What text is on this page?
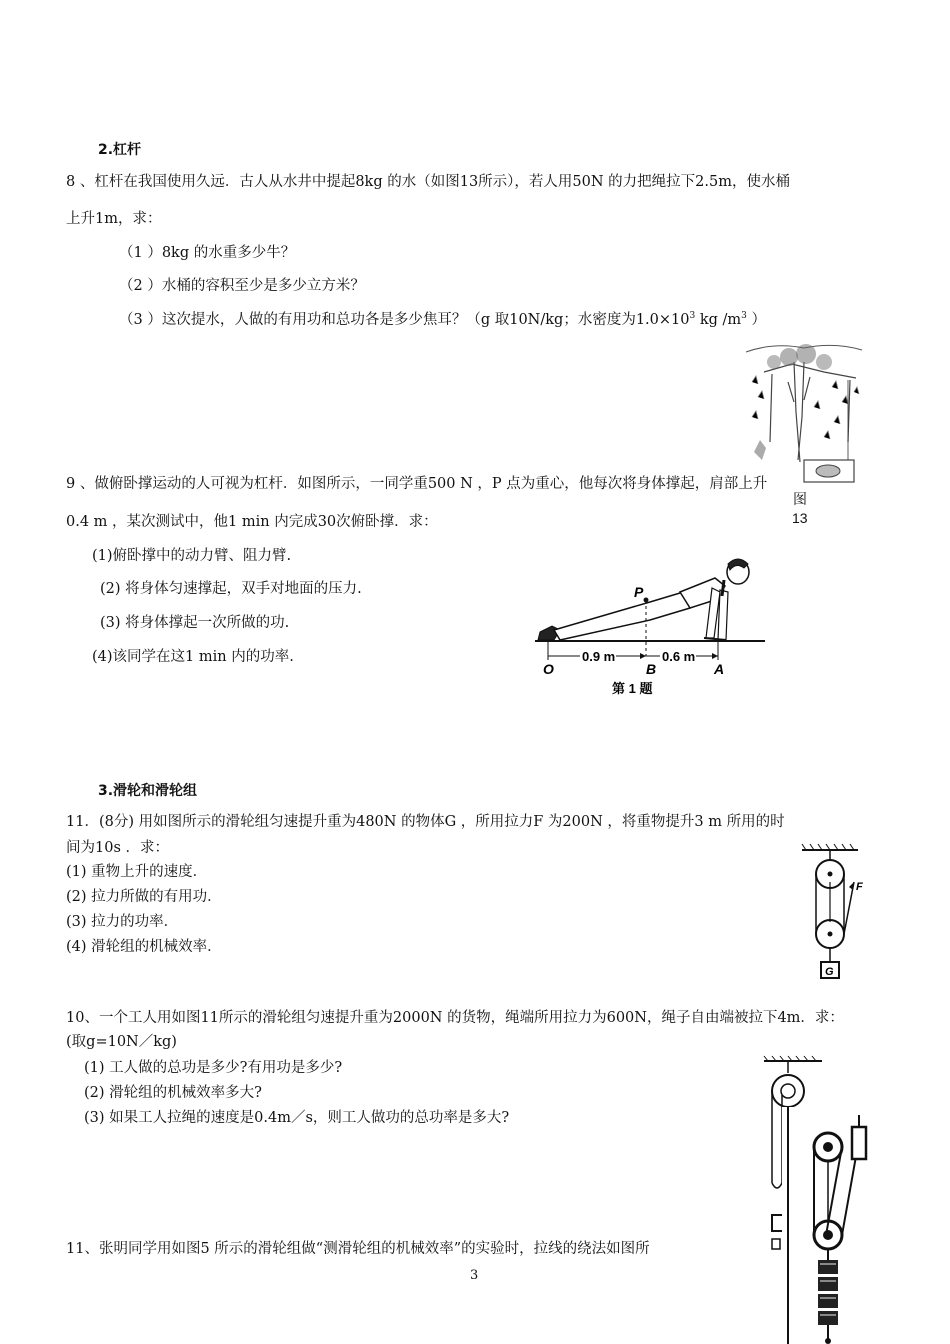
2.杠杆
8 、杠杆在我国使用久远．古人从水井中提起8kg 的水（如图13所示），若人用50N 的力把绳拉下2.5m，使水桶
上升1m，求：
（1 ）8kg 的水重多少牛？
（2 ）水桶的容积至少是多少立方米？
（3 ）这次提水，人做的有用功和总功各是多少焦耳？（g 取10N/kg；水密度为$1.0\times 10^3$ kg $/m^3$ ）
图
13
9 、做俯卧撑运动的人可视为杠杆．如图所示，一同学重500 N ，P 点为重心，他每次将身体撑起，肩部上升
0.4 m ，某次测试中，他1 min 内完成30次俯卧撑．求：
(1)俯卧撑中的动力臂、阻力臂.
(2) 将身体匀速撑起，双手对地面的压力.
(3) 将身体撑起一次所做的功.
(4)该同学在这1 min 内的功率.
P
0.9 m	0.6 m
O	B	A
第 1 题
3.滑轮和滑轮组
11．(8分) 用如图所示的滑轮组匀速提升重为480N 的物体G ，所用拉力F 为200N ，将重物提升3 m 所用的时
间为10s ．求：
(1) 重物上升的速度．
(2) 拉力所做的有用功．
(3) 拉力的功率．
(4) 滑轮组的机械效率．
F
G
10、一个工人用如图11所示的滑轮组匀速提升重为2000N 的货物，绳端所用拉力为600N，绳子自由端被拉下4m．求：
(取g=10N／kg)
(1) 工人做的总功是多少?有用功是多少?
(2) 滑轮组的机械效率多大?
(3) 如果工人拉绳的速度是0.4m／s，则工人做功的总功率是多大?
11、张明同学用如图5 所示的滑轮组做“测滑轮组的机械效率”的实验时，拉线的绕法如图所
3
